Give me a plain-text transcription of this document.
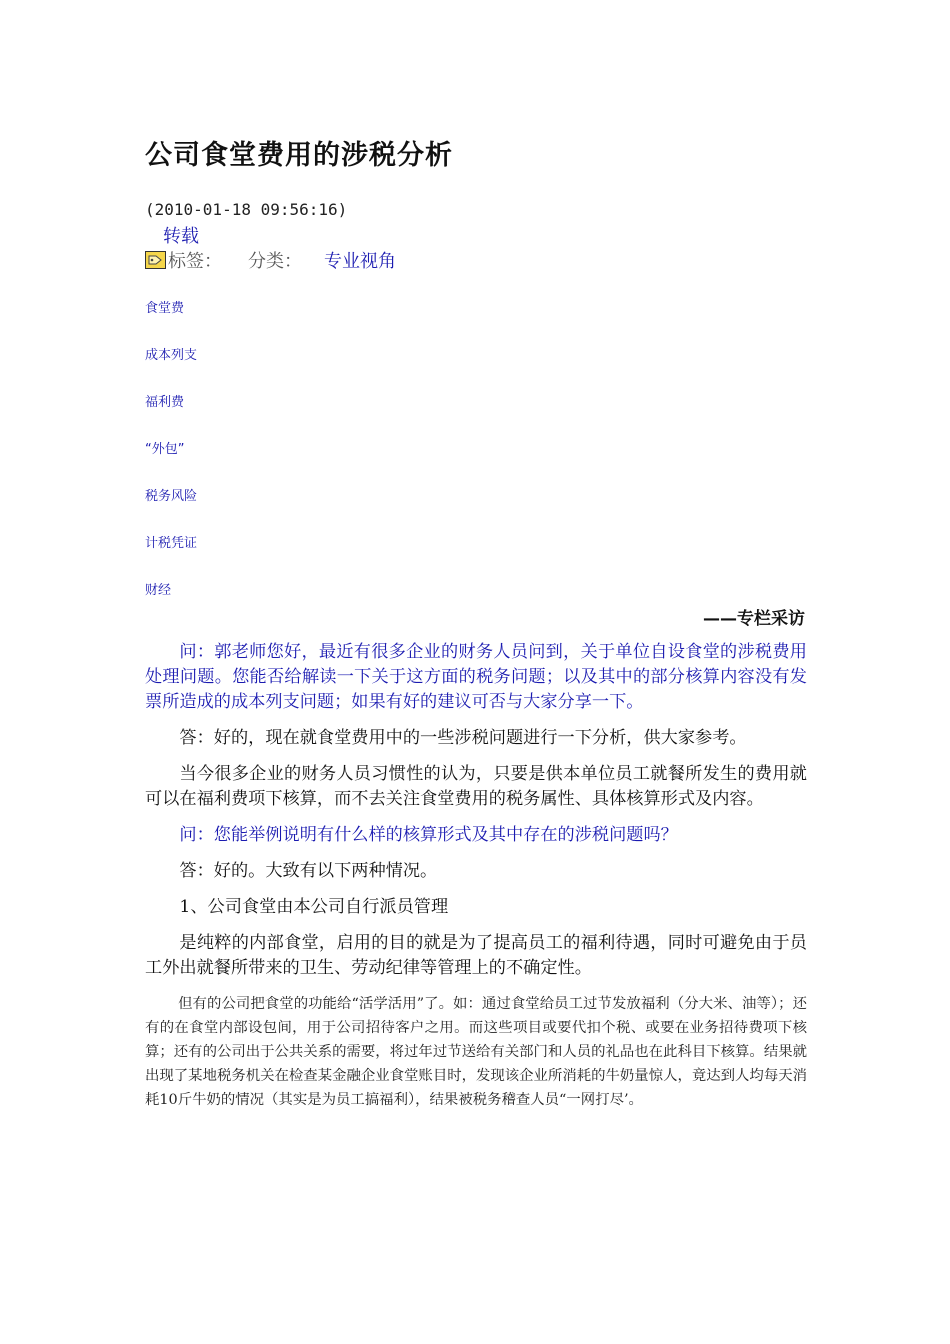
公司食堂费用的涉税分析
(2010-01-18 09:56:16)
转载
标签： 分类： 专业视角
食堂费
成本列支
福利费
“外包”
税务风险
计税凭证
财经
——专栏采访

问：郭老师您好，最近有很多企业的财务人员问到，关于单位自设食堂的涉税费用处理问题。您能否给解读一下关于这方面的税务问题；以及其中的部分核算内容没有发票所造成的成本列支问题；如果有好的建议可否与大家分享一下。

答：好的，现在就食堂费用中的一些涉税问题进行一下分析，供大家参考。

当今很多企业的财务人员习惯性的认为，只要是供本单位员工就餐所发生的费用就可以在福利费项下核算，而不去关注食堂费用的税务属性、具体核算形式及内容。

问：您能举例说明有什么样的核算形式及其中存在的涉税问题吗？

答：好的。大致有以下两种情况。

1、公司食堂由本公司自行派员管理

是纯粹的内部食堂，启用的目的就是为了提高员工的福利待遇，同时可避免由于员工外出就餐所带来的卫生、劳动纪律等管理上的不确定性。

但有的公司把食堂的功能给“活学活用”了。如：通过食堂给员工过节发放福利（分大米、油等）；还有的在食堂内部设包间，用于公司招待客户之用。而这些项目或要代扣个税、或要在业务招待费项下核算；还有的公司出于公共关系的需要，将过年过节送给有关部门和人员的礼品也在此科目下核算。结果就出现了某地税务机关在检查某金融企业食堂账目时，发现该企业所消耗的牛奶量惊人，竟达到人均每天消耗10斤牛奶的情况（其实是为员工搞福利），结果被税务稽查人员“一网打尽’。
